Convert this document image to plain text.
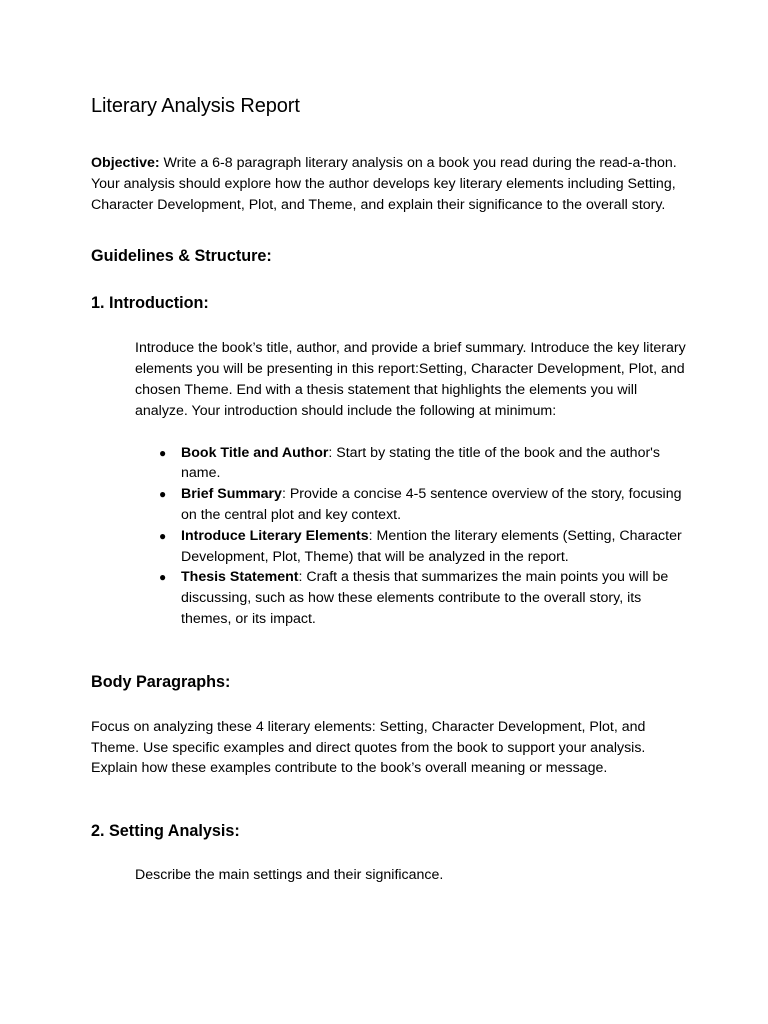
Literary Analysis Report

Objective: Write a 6-8 paragraph literary analysis on a book you read during the read-a-thon. Your analysis should explore how the author develops key literary elements including Setting, Character Development, Plot, and Theme, and explain their significance to the overall story.

Guidelines & Structure:
1. Introduction:

Introduce the book’s title, author, and provide a brief summary. Introduce the key literary elements you will be presenting in this report:Setting, Character Development, Plot, and chosen Theme. End with a thesis statement that highlights the elements you will analyze. Your introduction should include the following at minimum:

● Book Title and Author: Start by stating the title of the book and the author's name.
● Brief Summary: Provide a concise 4-5 sentence overview of the story, focusing on the central plot and key context.
● Introduce Literary Elements: Mention the literary elements (Setting, Character Development, Plot, Theme) that will be analyzed in the report.
● Thesis Statement: Craft a thesis that summarizes the main points you will be discussing, such as how these elements contribute to the overall story, its themes, or its impact.
Body Paragraphs:

Focus on analyzing these 4 literary elements: Setting, Character Development, Plot, and Theme. Use specific examples and direct quotes from the book to support your analysis. Explain how these examples contribute to the book’s overall meaning or message.

2. Setting Analysis:

Describe the main settings and their significance.
